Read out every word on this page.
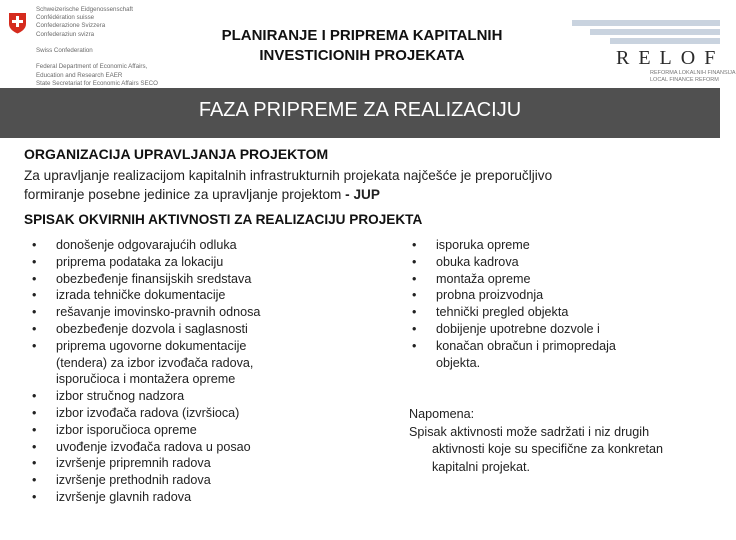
Schweizerische Eidgenossenschaft
Confédération suisse
Confederazione Svizzera
Confederaziun svizra

Swiss Confederation

Federal Department of Economic Affairs,
Education and Research EAER
State Secretariat for Economic Affairs SECO
PLANIRANJE I PRIPREMA KAPITALNIH
INVESTICIONIH PROJEKATA	RELOF
REFORMA LOKALNIH FINANSIJA
LOCAL FINANCE REFORM
FAZA PRIPREME ZA REALIZACIJU
ORGANIZACIJA UPRAVLJANJA PROJEKTOM
Za upravljanje realizacijom kapitalnih infrastrukturnih projekata najčešće je preporučljivo
formiranje posebne jedinice za upravljanje projektom - JUP
SPISAK OKVIRNIH AKTIVNOSTI ZA REALIZACIJU PROJEKTA
• donošenje odgovarajućih odluka
• priprema podataka za lokaciju
• obezbeđenje finansijskih sredstava
• izrada tehničke dokumentacije
• rešavanje imovinsko-pravnih odnosa
• obezbeđenje dozvola i saglasnosti
• priprema ugovorne dokumentacije (tendera) za izbor izvođača radova, isporučioca i montažera opreme
• izbor stručnog nadzora
• izbor izvođača radova (izvršioca)
• izbor isporučioca opreme
• uvođenje izvođača radova u posao
• izvršenje pripremnih radova
• izvršenje prethodnih radova
• izvršenje glavnih radova
• isporuka opreme
• obuka kadrova
• montaža opreme
• probna proizvodnja
• tehnički pregled objekta
• dobijenje upotrebne dozvole i
• konačan obračun i primopredaja objekta.
Napomena:
Spisak aktivnosti može sadržati i niz drugih
aktivnosti koje su specifične za konkretan
kapitalni projekat.
